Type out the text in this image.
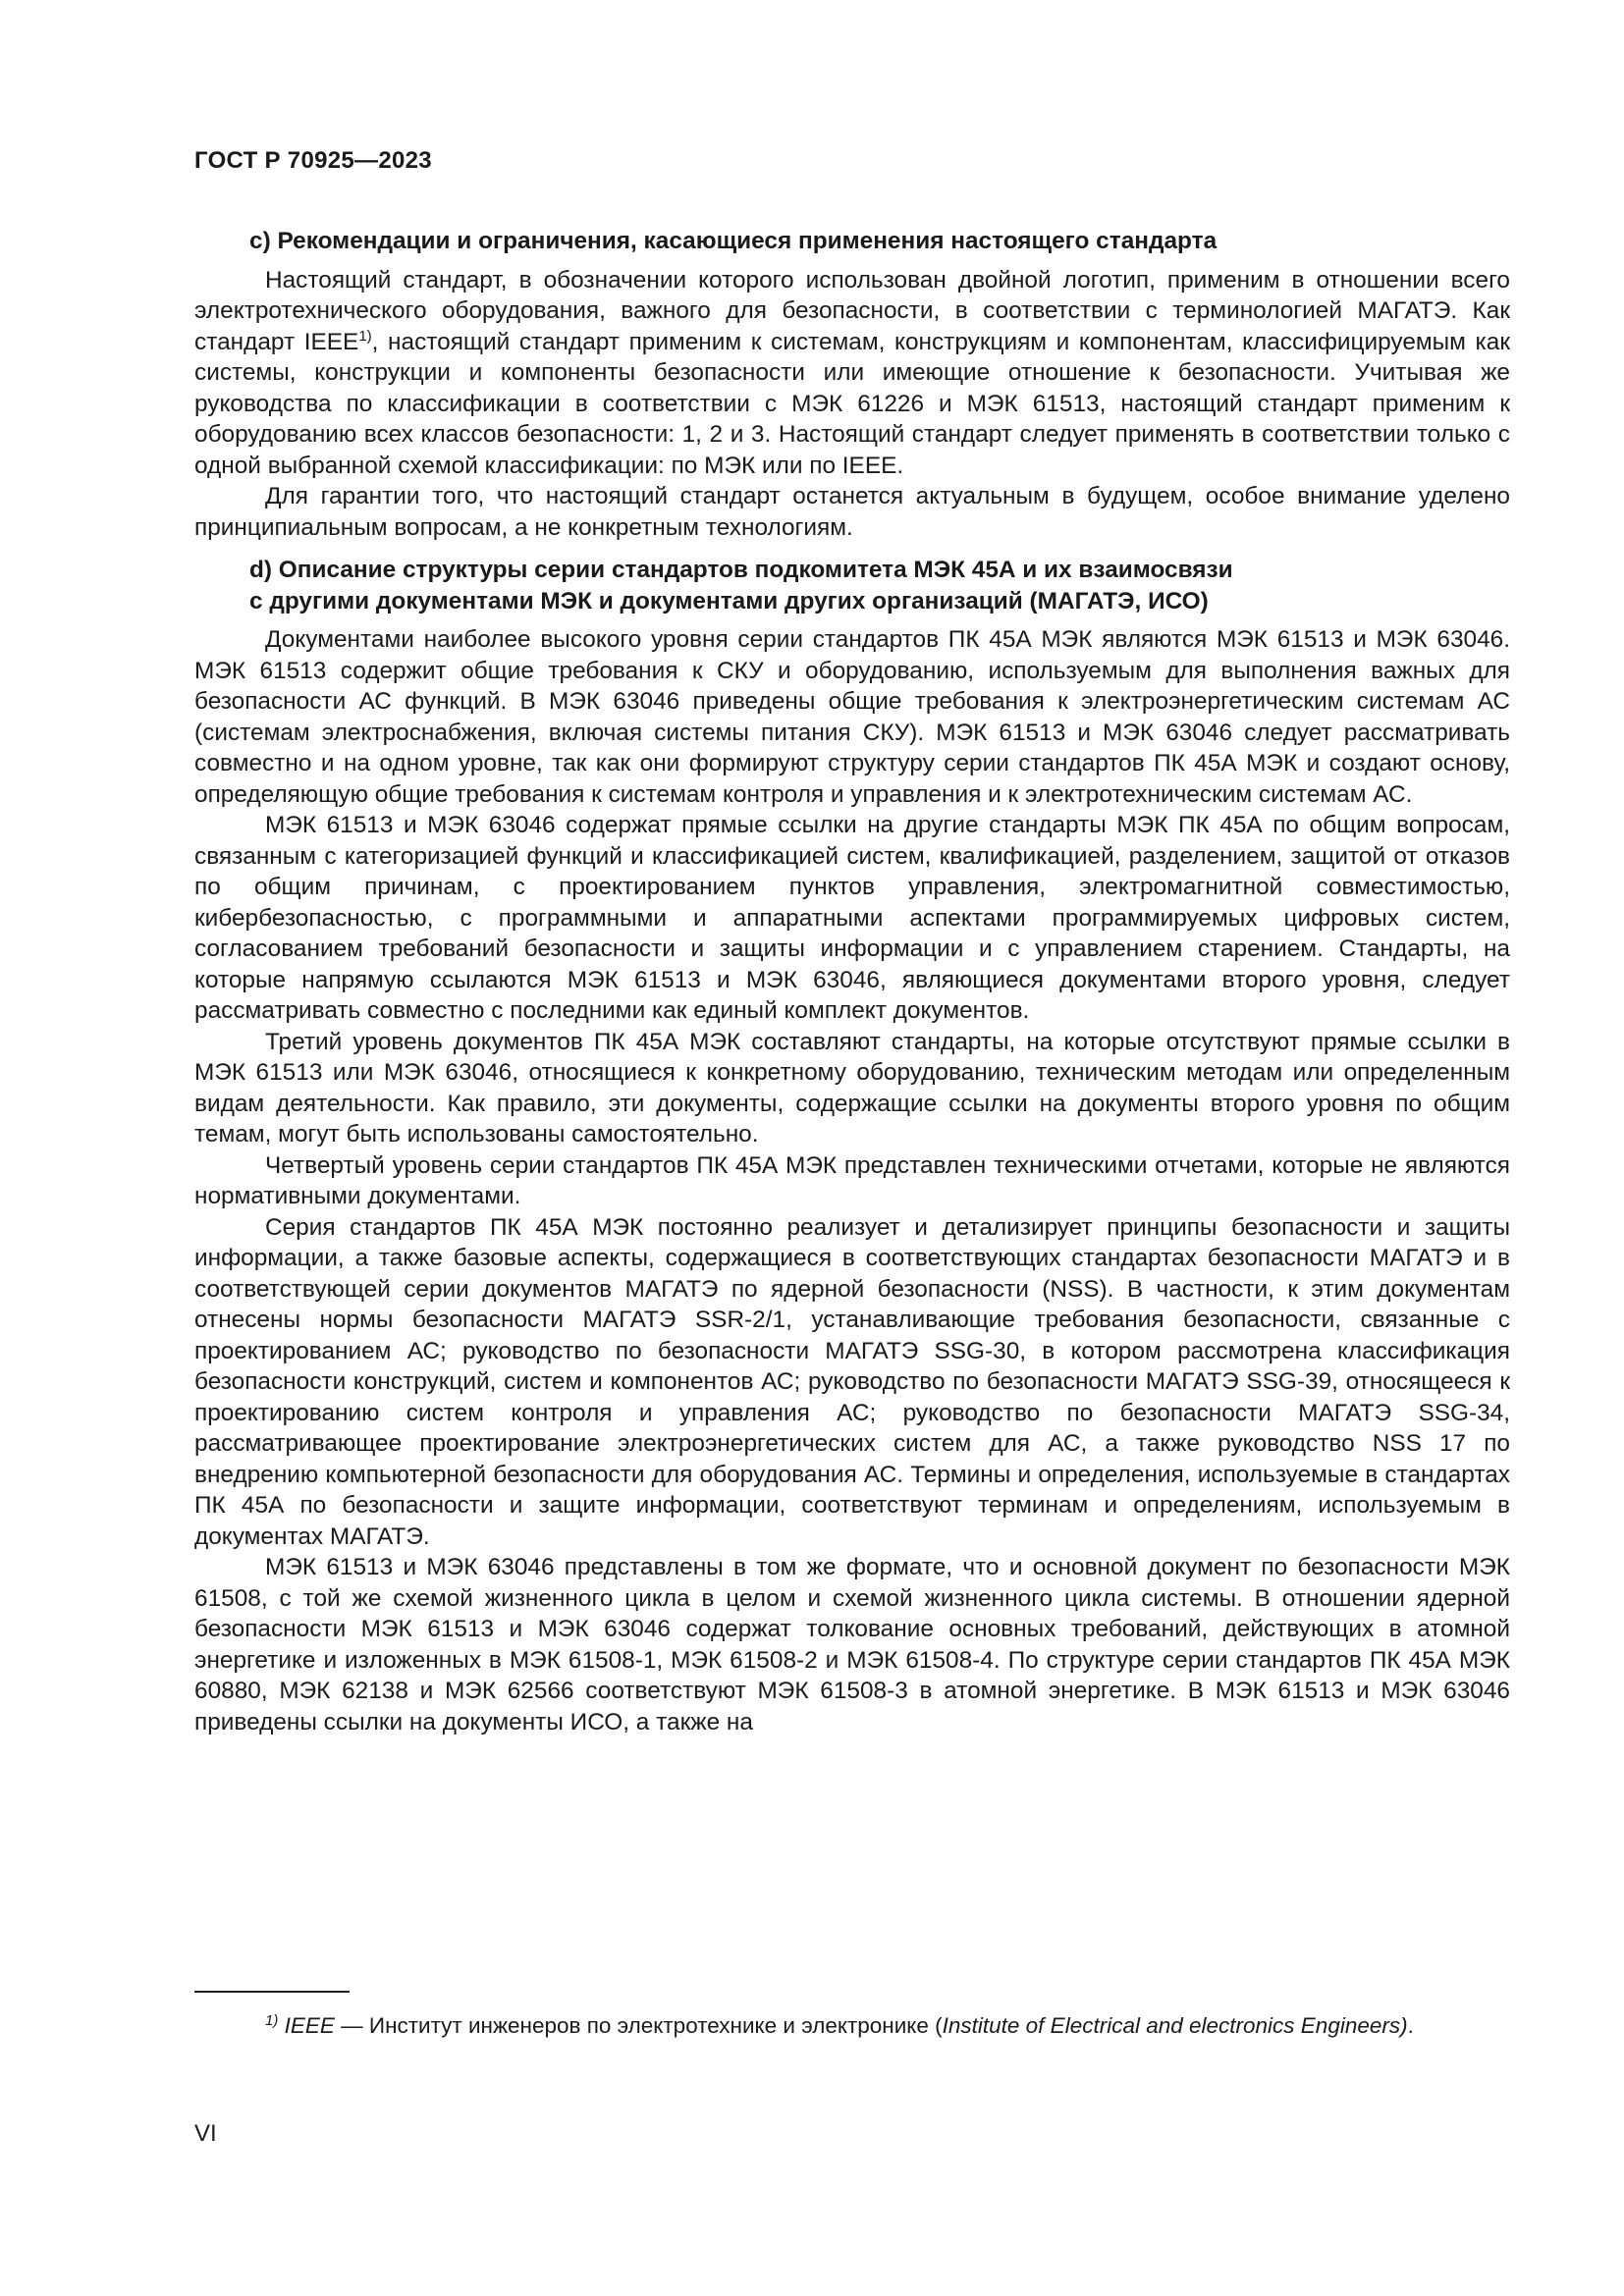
ГОСТ Р 70925—2023
c) Рекомендации и ограничения, касающиеся применения настоящего стандарта

Настоящий стандарт, в обозначении которого использован двойной логотип, применим в отношении всего электротехнического оборудования, важного для безопасности, в соответствии с терминологией МАГАТЭ. Как стандарт IEEE$^{1)}$, настоящий стандарт применим к системам, конструкциям и компонентам, классифицируемым как системы, конструкции и компоненты безопасности или имеющие отношение к безопасности. Учитывая же руководства по классификации в соответствии с МЭК 61226 и МЭК 61513, настоящий стандарт применим к оборудованию всех классов безопасности: 1, 2 и 3. Настоящий стандарт следует применять в соответствии только с одной выбранной схемой классификации: по МЭК или по IEEE.

Для гарантии того, что настоящий стандарт останется актуальным в будущем, особое внимание уделено принципиальным вопросам, а не конкретным технологиям.

d) Описание структуры серии стандартов подкомитета МЭК 45А и их взаимосвязи
с другими документами МЭК и документами других организаций (МАГАТЭ, ИСО)

Документами наиболее высокого уровня серии стандартов ПК 45А МЭК являются МЭК 61513 и МЭК 63046. МЭК 61513 содержит общие требования к СКУ и оборудованию, используемым для выполнения важных для безопасности АС функций. В МЭК 63046 приведены общие требования к электроэнергетическим системам АС (системам электроснабжения, включая системы питания СКУ). МЭК 61513 и МЭК 63046 следует рассматривать совместно и на одном уровне, так как они формируют структуру серии стандартов ПК 45А МЭК и создают основу, определяющую общие требования к системам контроля и управления и к электротехническим системам АС.

МЭК 61513 и МЭК 63046 содержат прямые ссылки на другие стандарты МЭК ПК 45А по общим вопросам, связанным с категоризацией функций и классификацией систем, квалификацией, разделением, защитой от отказов по общим причинам, с проектированием пунктов управления, электромагнитной совместимостью, кибербезопасностью, с программными и аппаратными аспектами программируемых цифровых систем, согласованием требований безопасности и защиты информации и с управлением старением. Стандарты, на которые напрямую ссылаются МЭК 61513 и МЭК 63046, являющиеся документами второго уровня, следует рассматривать совместно с последними как единый комплект документов.

Третий уровень документов ПК 45А МЭК составляют стандарты, на которые отсутствуют прямые ссылки в МЭК 61513 или МЭК 63046, относящиеся к конкретному оборудованию, техническим методам или определенным видам деятельности. Как правило, эти документы, содержащие ссылки на документы второго уровня по общим темам, могут быть использованы самостоятельно.

Четвертый уровень серии стандартов ПК 45А МЭК представлен техническими отчетами, которые не являются нормативными документами.

Серия стандартов ПК 45А МЭК постоянно реализует и детализирует принципы безопасности и защиты информации, а также базовые аспекты, содержащиеся в соответствующих стандартах безопасности МАГАТЭ и в соответствующей серии документов МАГАТЭ по ядерной безопасности (NSS). В частности, к этим документам отнесены нормы безопасности МАГАТЭ SSR-2/1, устанавливающие требования безопасности, связанные с проектированием АС; руководство по безопасности МАГАТЭ SSG-30, в котором рассмотрена классификация безопасности конструкций, систем и компонентов АС; руководство по безопасности МАГАТЭ SSG-39, относящееся к проектированию систем контроля и управления АС; руководство по безопасности МАГАТЭ SSG-34, рассматривающее проектирование электроэнергетических систем для АС, а также руководство NSS 17 по внедрению компьютерной безопасности для оборудования АС. Термины и определения, используемые в стандартах ПК 45А по безопасности и защите информации, соответствуют терминам и определениям, используемым в документах МАГАТЭ.

МЭК 61513 и МЭК 63046 представлены в том же формате, что и основной документ по безопасности МЭК 61508, с той же схемой жизненного цикла в целом и схемой жизненного цикла системы. В отношении ядерной безопасности МЭК 61513 и МЭК 63046 содержат толкование основных требований, действующих в атомной энергетике и изложенных в МЭК 61508-1, МЭК 61508-2 и МЭК 61508-4. По структуре серии стандартов ПК 45А МЭК 60880, МЭК 62138 и МЭК 62566 соответствуют МЭК 61508-3 в атомной энергетике. В МЭК 61513 и МЭК 63046 приведены ссылки на документы ИСО, а также на

$^{1)}$ IEEE — Институт инженеров по электротехнике и электронике (Institute of Electrical and electronics Engineers).

VI
